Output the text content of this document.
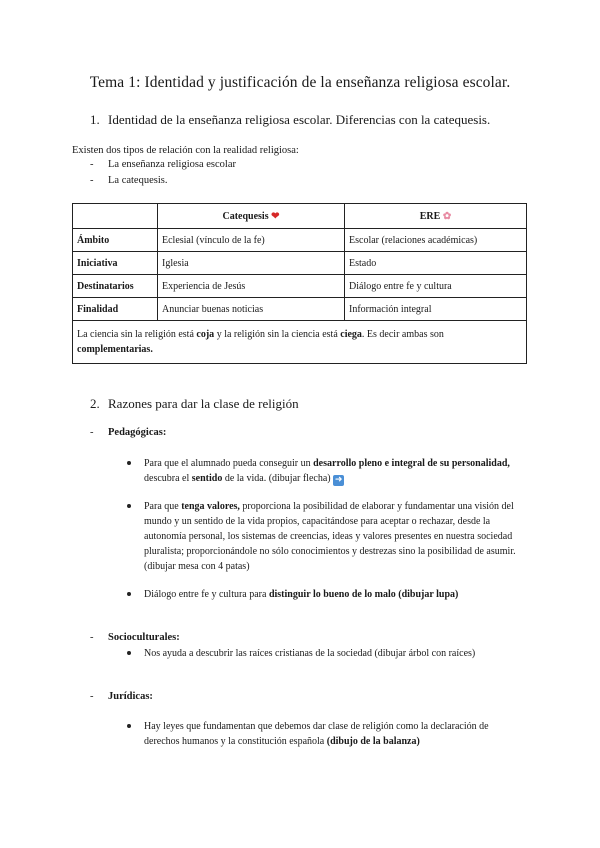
Tema 1: Identidad y justificación de la enseñanza religiosa escolar.
1. Identidad de la enseñanza religiosa escolar. Diferencias con la catequesis.
Existen dos tipos de relación con la realidad religiosa:
- La enseñanza religiosa escolar
- La catequesis.
	Catequesis ❤	ERE ✿
Ámbito	Eclesial (vínculo de la fe)	Escolar (relaciones académicas)
Iniciativa	Iglesia	Estado
Destinatarios	Experiencia de Jesús	Diálogo entre fe y cultura
Finalidad	Anunciar buenas noticias	Información integral
La ciencia sin la religión está coja y la religión sin la ciencia está ciega. Es decir ambas son complementarias.		
2. Razones para dar la clase de religión
- Pedagógicas:
Para que el alumnado pueda conseguir un desarrollo pleno e integral de su personalidad, descubra el sentido de la vida. (dibujar flecha) ➜
Para que tenga valores, proporciona la posibilidad de elaborar y fundamentar una visión del mundo y un sentido de la vida propios, capacitándose para aceptar o rechazar, desde la autonomía personal, los sistemas de creencias, ideas y valores presentes en nuestra sociedad pluralista; proporcionándole no sólo conocimientos y destrezas sino la posibilidad de asumir. (dibujar mesa con 4 patas)
Diálogo entre fe y cultura para distinguir lo bueno de lo malo (dibujar lupa)
- Socioculturales:
Nos ayuda a descubrir las raíces cristianas de la sociedad (dibujar árbol con raíces)
- Jurídicas:
Hay leyes que fundamentan que debemos dar clase de religión como la declaración de derechos humanos y la constitución española (dibujo de la balanza)
